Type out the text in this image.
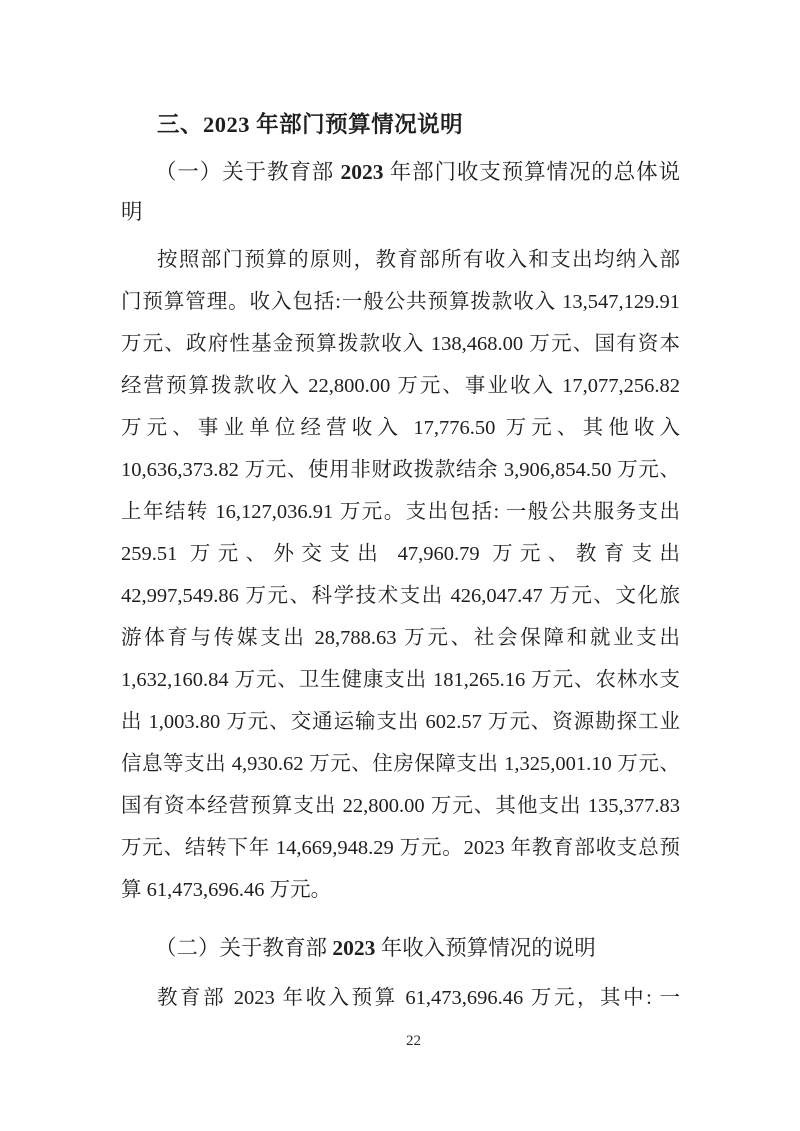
三、2023 年部门预算情况说明
（一）关于教育部 2023 年部门收支预算情况的总体说
明
按照部门预算的原则，教育部所有收入和支出均纳入部
门预算管理。收入包括:一般公共预算拨款收入 13,547,129.91
万元、政府性基金预算拨款收入 138,468.00 万元、国有资本
经营预算拨款收入 22,800.00 万元、事业收入 17,077,256.82
万元、事业单位经营收入 17,776.50 万元、其他收入
10,636,373.82 万元、使用非财政拨款结余 3,906,854.50 万元、
上年结转 16,127,036.91 万元。支出包括: 一般公共服务支出
259.51 万元、外交支出 47,960.79 万元、教育支出
42,997,549.86 万元、科学技术支出 426,047.47 万元、文化旅
游体育与传媒支出 28,788.63 万元、社会保障和就业支出
1,632,160.84 万元、卫生健康支出 181,265.16 万元、农林水支
出 1,003.80 万元、交通运输支出 602.57 万元、资源勘探工业
信息等支出 4,930.62 万元、住房保障支出 1,325,001.10 万元、
国有资本经营预算支出 22,800.00 万元、其他支出 135,377.83
万元、结转下年 14,669,948.29 万元。2023 年教育部收支总预
算 61,473,696.46 万元。
（二）关于教育部 2023 年收入预算情况的说明
教育部 2023 年收入预算 61,473,696.46 万元，其中: 一
22
